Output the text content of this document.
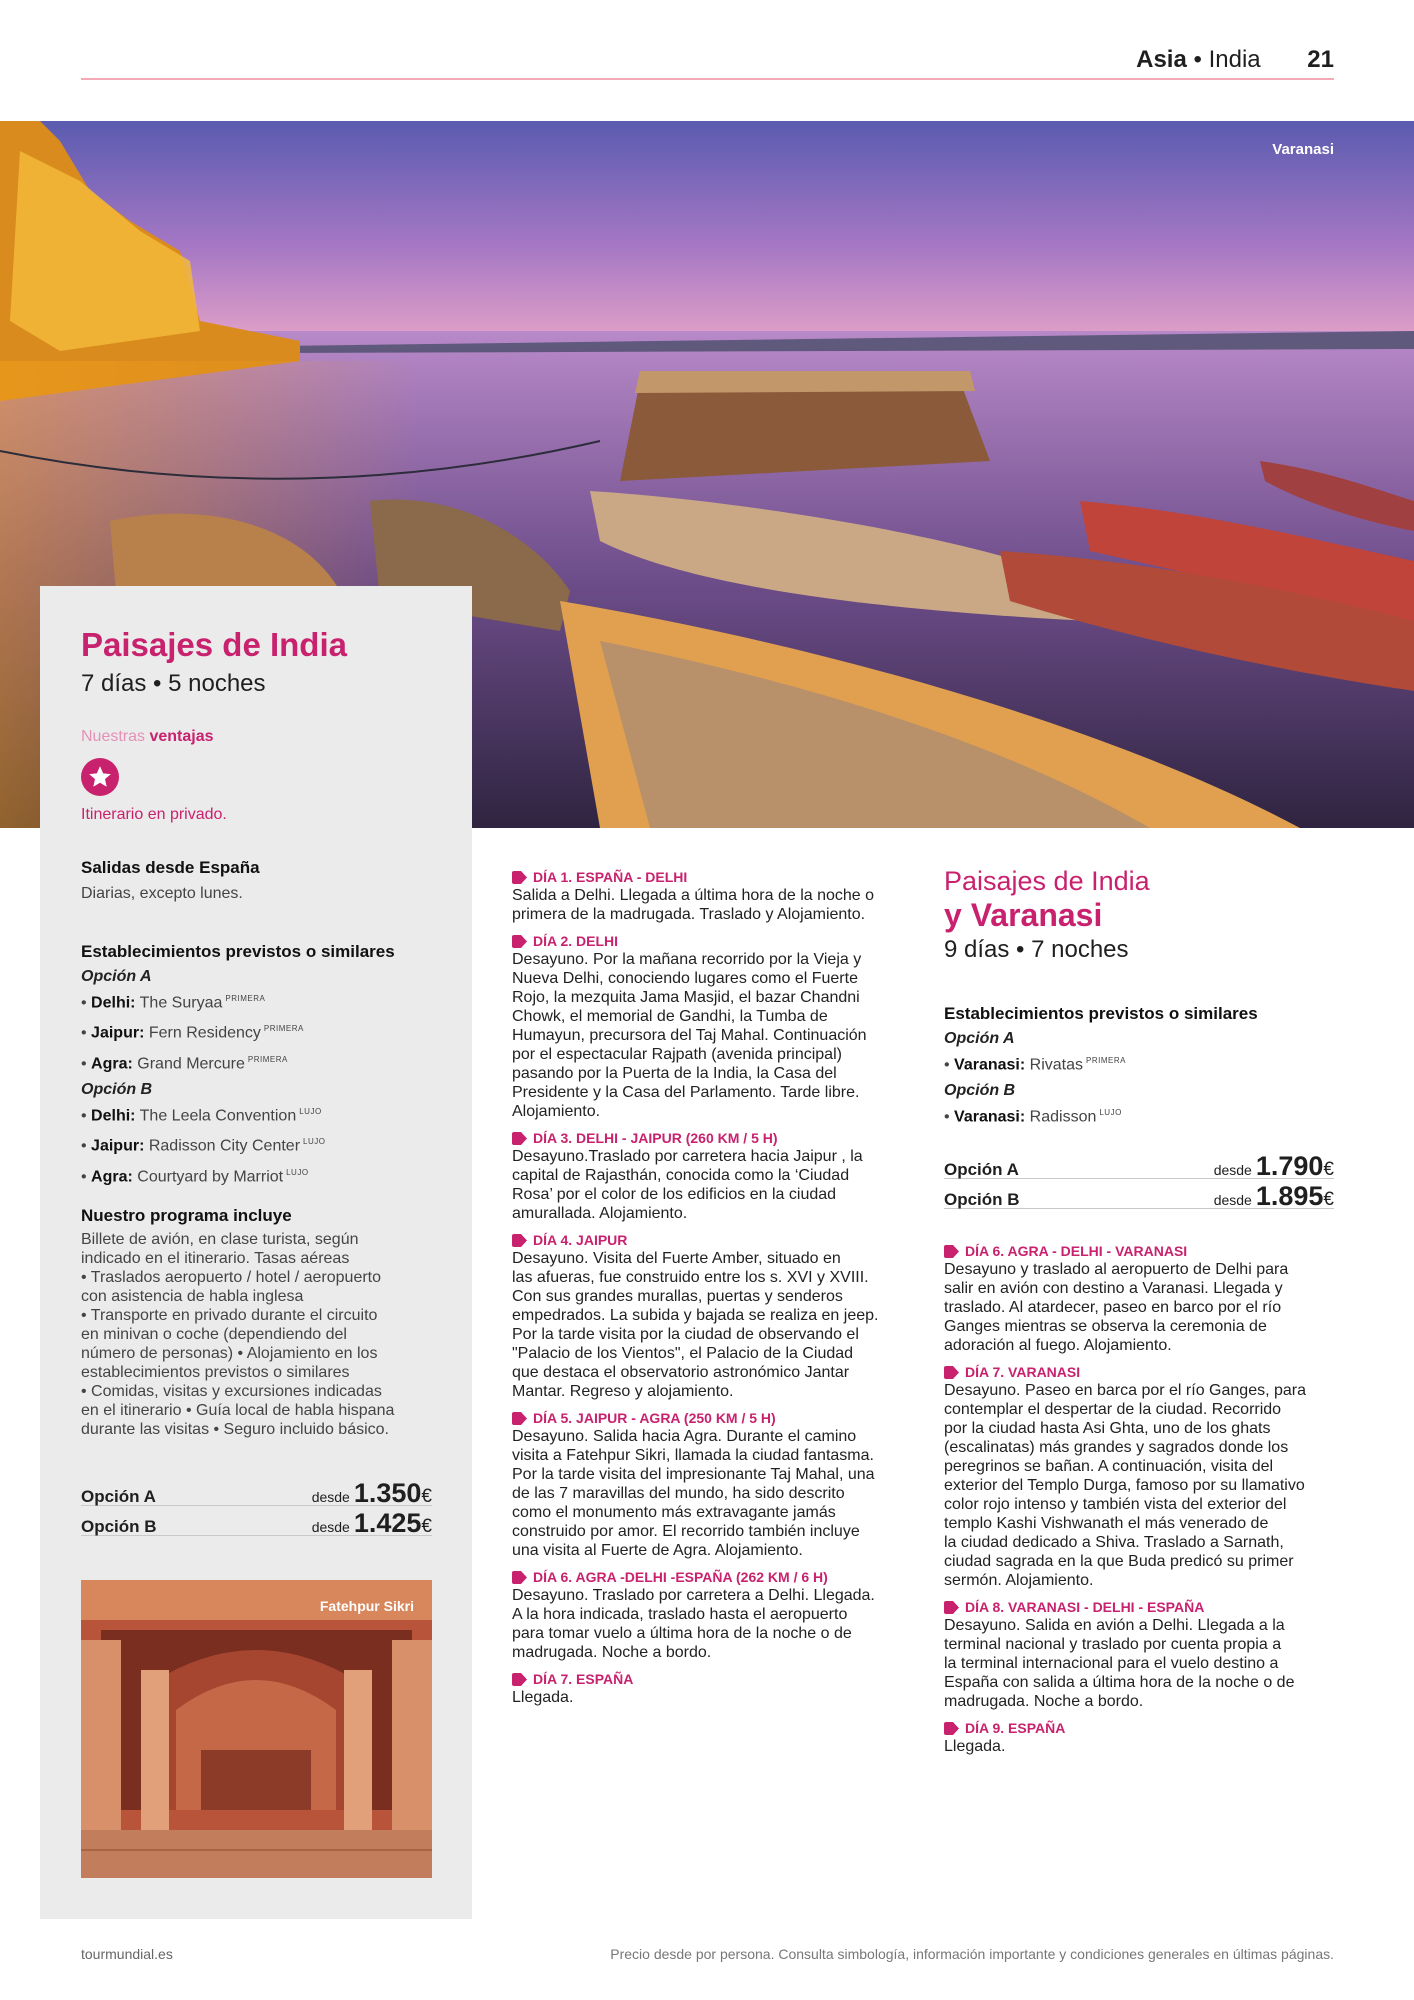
Asia • India 21
Varanasi
Paisajes de India
7 días • 5 noches
Nuestras ventajas
Itinerario en privado.
Salidas desde España
Diarias, excepto lunes.
Establecimientos previstos o similares
Opción A
• Delhi: The Suryaa $^{PRIMERA}$
• Jaipur: Fern Residency $^{PRIMERA}$
• Agra: Grand Mercure $^{PRIMERA}$
Opción B
• Delhi: The Leela Convention $^{LUJO}$
• Jaipur: Radisson City Center $^{LUJO}$
• Agra: Courtyard by Marriot $^{LUJO}$
Nuestro programa incluye
Billete de avión, en clase turista, según
indicado en el itinerario. Tasas aéreas
• Traslados aeropuerto / hotel / aeropuerto
con asistencia de habla inglesa
• Transporte en privado durante el circuito
en minivan o coche (dependiendo del
número de personas) • Alojamiento en los
establecimientos previstos o similares
• Comidas, visitas y excursiones indicadas
en el itinerario • Guía local de habla hispana
durante las visitas • Seguro incluido básico.
Opción A	desde 1.350€
Opción B	desde 1.425€
Fatehpur Sikri
DÍA 1. ESPAÑA - DELHI
Salida a Delhi. Llegada a última hora de la noche o
primera de la madrugada. Traslado y Alojamiento.
DÍA 2. DELHI
Desayuno. Por la mañana recorrido por la Vieja y
Nueva Delhi, conociendo lugares como el Fuerte
Rojo, la mezquita Jama Masjid, el bazar Chandni
Chowk, el memorial de Gandhi, la Tumba de
Humayun, precursora del Taj Mahal. Continuación
por el espectacular Rajpath (avenida principal)
pasando por la Puerta de la India, la Casa del
Presidente y la Casa del Parlamento. Tarde libre.
Alojamiento.
DÍA 3. DELHI - JAIPUR (260 KM / 5 H)
Desayuno.Traslado por carretera hacia Jaipur , la
capital de Rajasthán, conocida como la ‘Ciudad
Rosa’ por el color de los edificios en la ciudad
amurallada. Alojamiento.
DÍA 4. JAIPUR
Desayuno. Visita del Fuerte Amber, situado en
las afueras, fue construido entre los s. XVI y XVIII.
Con sus grandes murallas, puertas y senderos
empedrados. La subida y bajada se realiza en jeep.
Por la tarde visita por la ciudad de observando el
"Palacio de los Vientos", el Palacio de la Ciudad
que destaca el observatorio astronómico Jantar
Mantar. Regreso y alojamiento.
DÍA 5. JAIPUR - AGRA (250 KM / 5 H)
Desayuno. Salida hacia Agra. Durante el camino
visita a Fatehpur Sikri, llamada la ciudad fantasma.
Por la tarde visita del impresionante Taj Mahal, una
de las 7 maravillas del mundo, ha sido descrito
como el monumento más extravagante jamás
construido por amor. El recorrido también incluye
una visita al Fuerte de Agra. Alojamiento.
DÍA 6. AGRA -DELHI -ESPAÑA (262 KM / 6 H)
Desayuno. Traslado por carretera a Delhi. Llegada.
A la hora indicada, traslado hasta el aeropuerto
para tomar vuelo a última hora de la noche o de
madrugada. Noche a bordo.
DÍA 7. ESPAÑA
Llegada.
Paisajes de India
y Varanasi
9 días • 7 noches
Establecimientos previstos o similares
Opción A
• Varanasi: Rivatas $^{PRIMERA}$
Opción B
• Varanasi: Radisson $^{LUJO}$
Opción A	desde 1.790€
Opción B	desde 1.895€
DÍA 6. AGRA - DELHI - VARANASI
Desayuno y traslado al aeropuerto de Delhi para
salir en avión con destino a Varanasi. Llegada y
traslado. Al atardecer, paseo en barco por el río
Ganges mientras se observa la ceremonia de
adoración al fuego. Alojamiento.
DÍA 7. VARANASI
Desayuno. Paseo en barca por el río Ganges, para
contemplar el despertar de la ciudad. Recorrido
por la ciudad hasta Asi Ghta, uno de los ghats
(escalinatas) más grandes y sagrados donde los
peregrinos se bañan. A continuación, visita del
exterior del Templo Durga, famoso por su llamativo
color rojo intenso y también vista del exterior del
templo Kashi Vishwanath el más venerado de
la ciudad dedicado a Shiva. Traslado a Sarnath,
ciudad sagrada en la que Buda predicó su primer
sermón. Alojamiento.
DÍA 8. VARANASI - DELHI - ESPAÑA
Desayuno. Salida en avión a Delhi. Llegada a la
terminal nacional y traslado por cuenta propia a
la terminal internacional para el vuelo destino a
España con salida a última hora de la noche o de
madrugada. Noche a bordo.
DÍA 9. ESPAÑA
Llegada.
tourmundial.es	Precio desde por persona. Consulta simbología, información importante y condiciones generales en últimas páginas.
